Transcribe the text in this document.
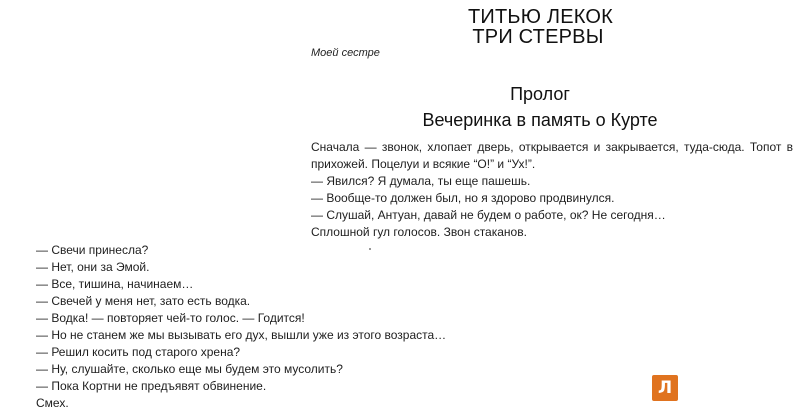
ТИТЬЮ ЛЕКОК
ТРИ СТЕРВЫ
Моей сестре
Пролог
Вечеринка в память о Курте
Сначала — звонок, хлопает дверь, открывается и закрывается, туда-сюда. Топот в
прихожей. Поцелуи и всякие “О!” и “Ух!”.
— Явился? Я думала, ты еще пашешь.
— Вообще-то должен был, но я здорово продвинулся.
— Слушай, Антуан, давай не будем о работе, ок? Не сегодня…
Сплошной гул голосов. Звон стаканов.
— Свечи принесла?
— Нет, они за Эмой.
— Все, тишина, начинаем…
— Свечей у меня нет, зато есть водка.
— Водка! — повторяет чей-то голос. — Годится!
— Но не станем же мы вызывать его дух, вышли уже из этого возраста…
— Решил косить под старого хрена?
— Ну, слушайте, сколько еще мы будем это мусолить?
— Пока Кортни не предъявят обвинение.
Смех.
Л
